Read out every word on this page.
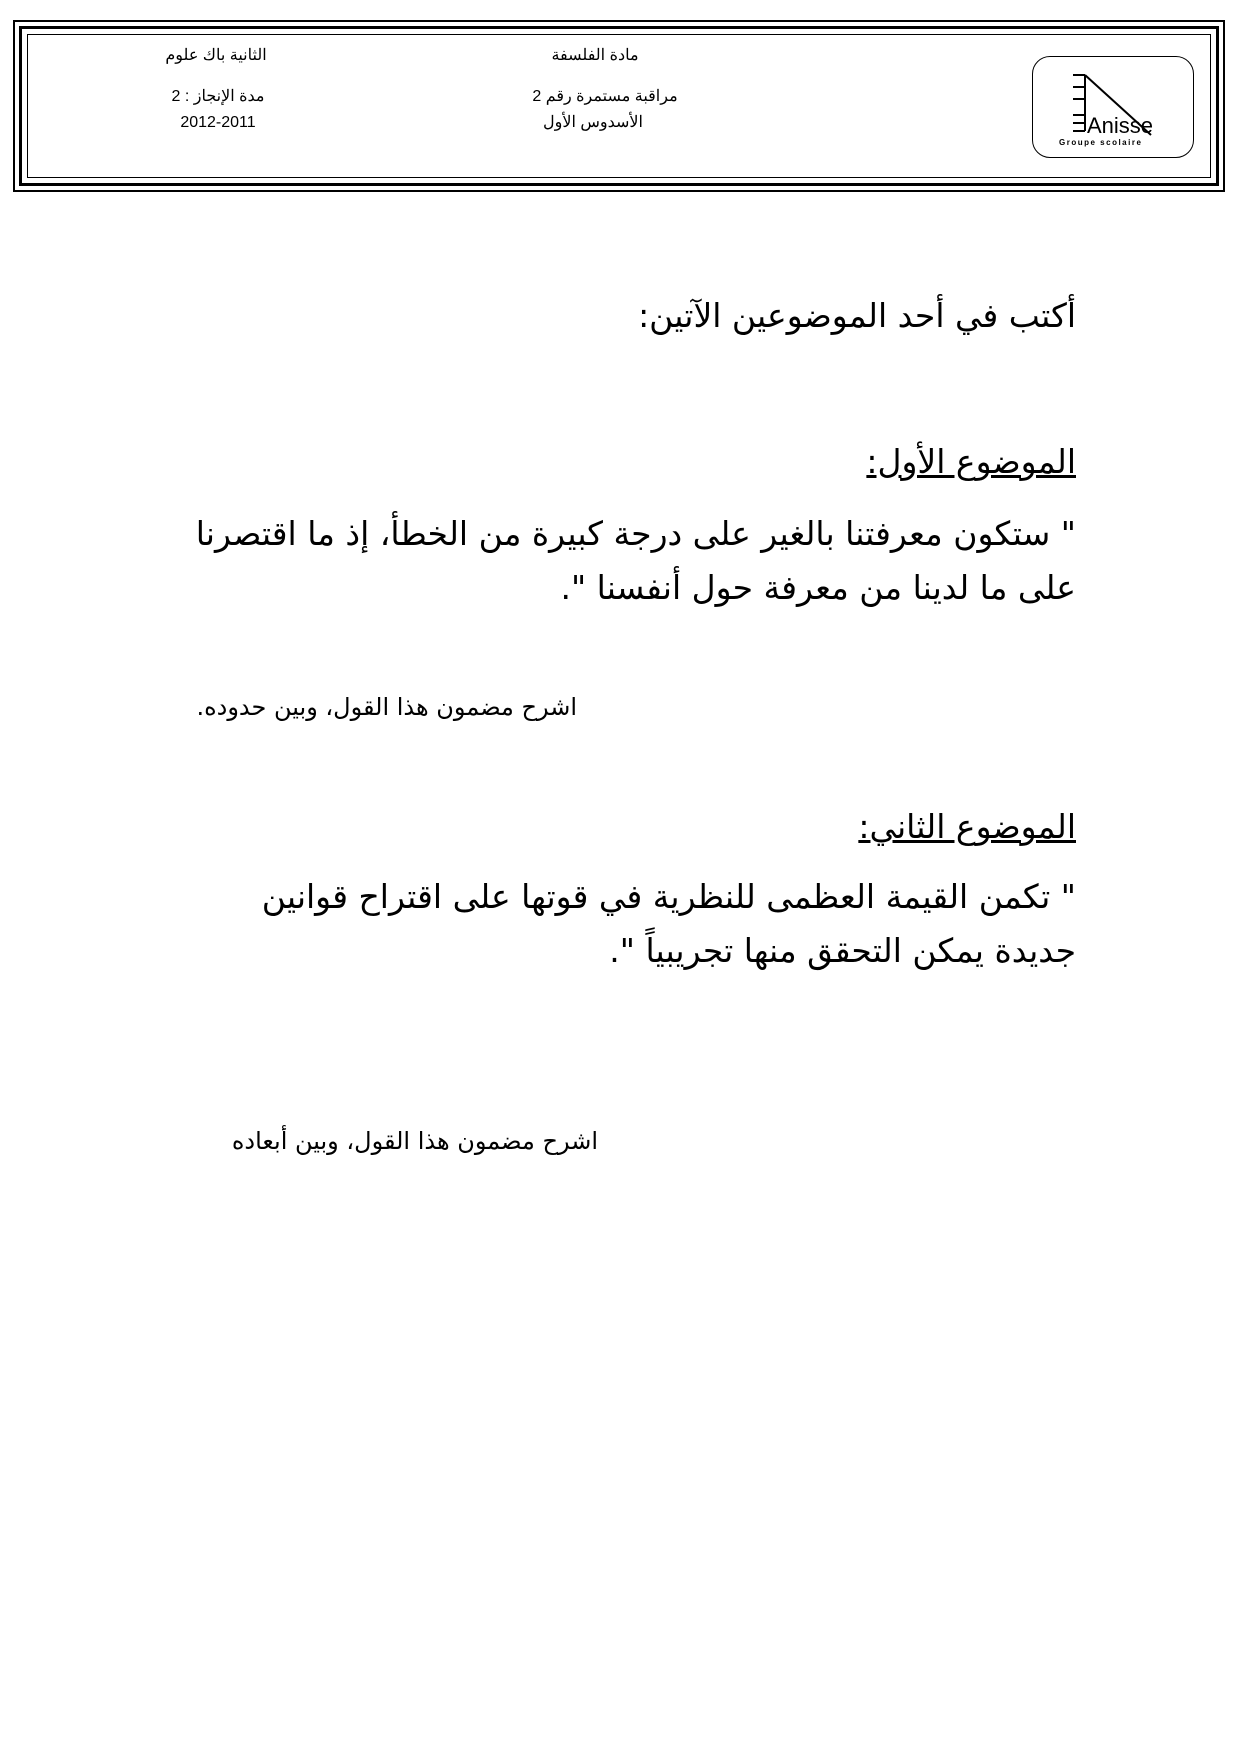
الثانية باك علوم	مادة الفلسفة
مدة الإنجاز : 2	مراقبة مستمرة رقم 2
2012-2011	الأسدوس الأول	Anisse
Groupe scolaire
أكتب في أحد الموضوعين الآتين:
الموضوع الأول:
" ستكون معرفتنا بالغير على درجة كبيرة من الخطأ، إذ ما اقتصرنا
على ما لدينا من معرفة حول أنفسنا ".
اشرح مضمون هذا القول، وبين حدوده.
الموضوع الثاني:
" تكمن القيمة العظمى للنظرية في قوتها على اقتراح قوانين
جديدة يمكن التحقق منها تجريبياً ".
اشرح مضمون هذا القول، وبين أبعاده
